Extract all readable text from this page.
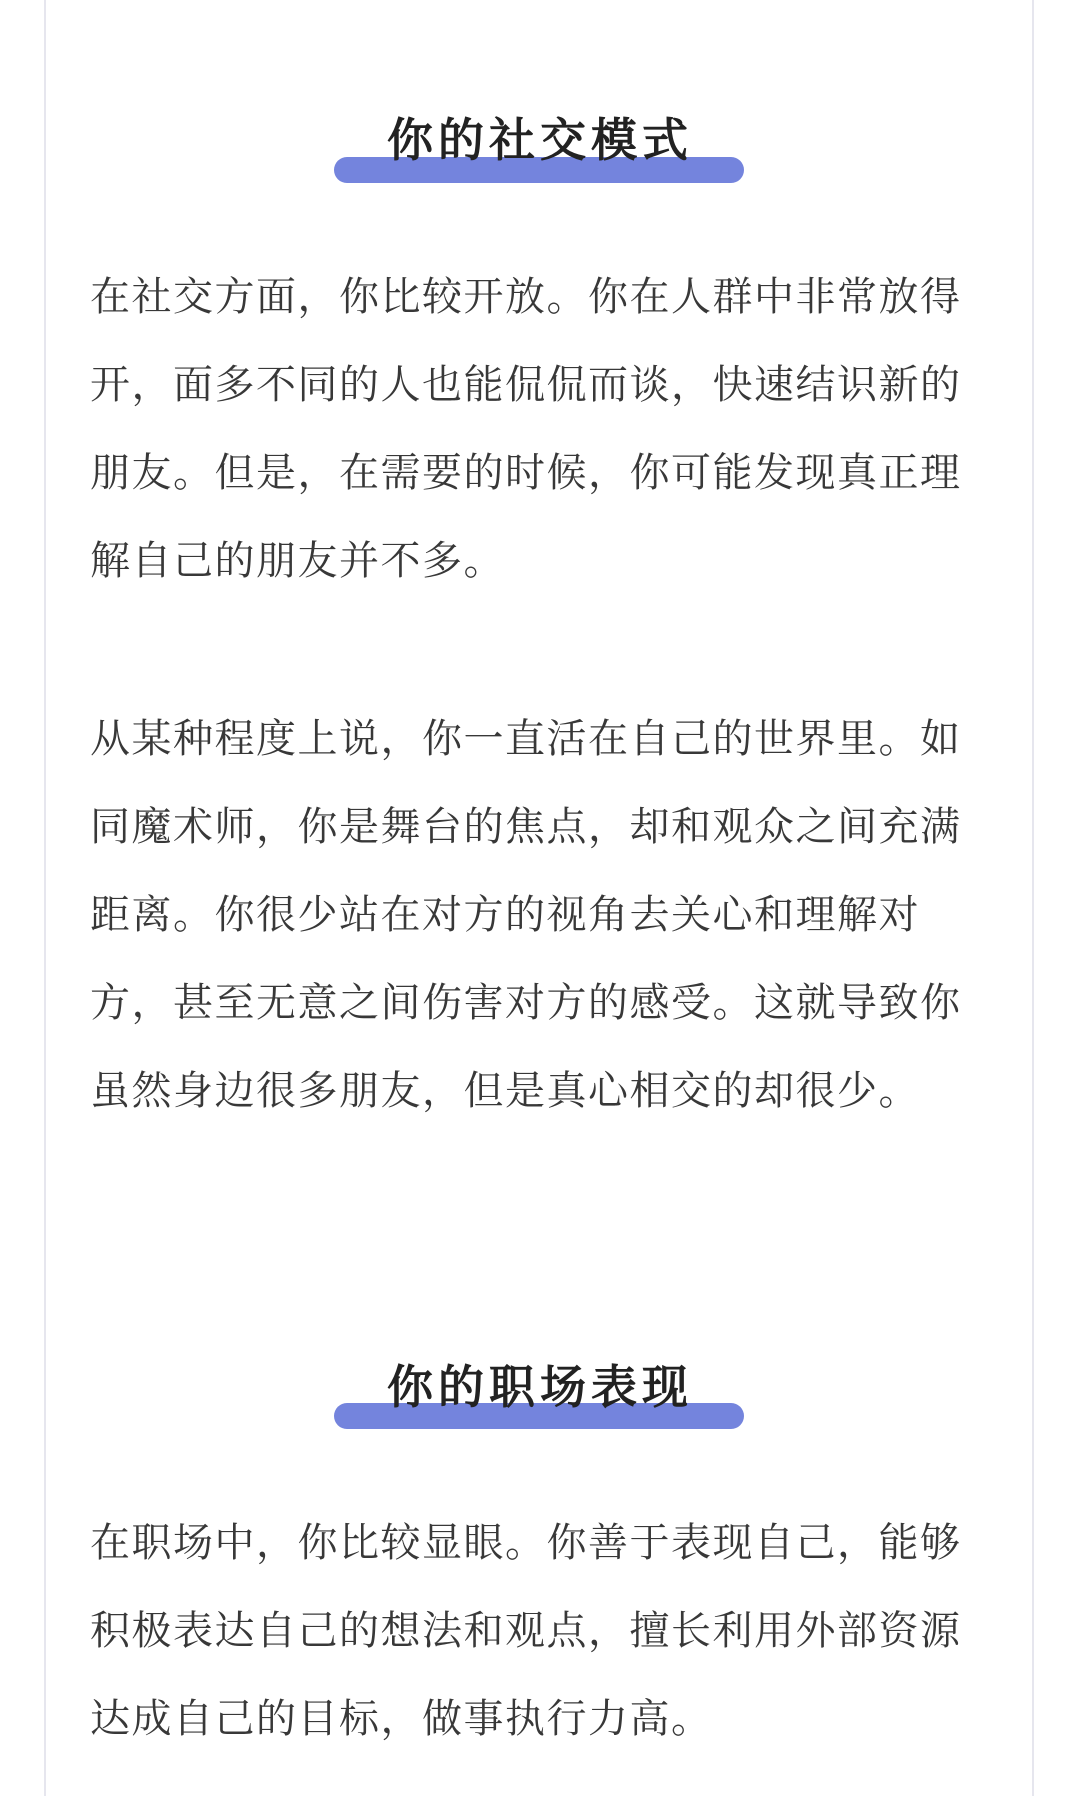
你的社交模式

在社交方面，你比较开放。你在人群中非常放得开，面多不同的人也能侃侃而谈，快速结识新的朋友。但是，在需要的时候，你可能发现真正理解自己的朋友并不多。

从某种程度上说，你一直活在自己的世界里。如同魔术师，你是舞台的焦点，却和观众之间充满距离。你很少站在对方的视角去关心和理解对方，甚至无意之间伤害对方的感受。这就导致你虽然身边很多朋友，但是真心相交的却很少。

你的职场表现

在职场中，你比较显眼。你善于表现自己，能够积极表达自己的想法和观点，擅长利用外部资源达成自己的目标，做事执行力高。
